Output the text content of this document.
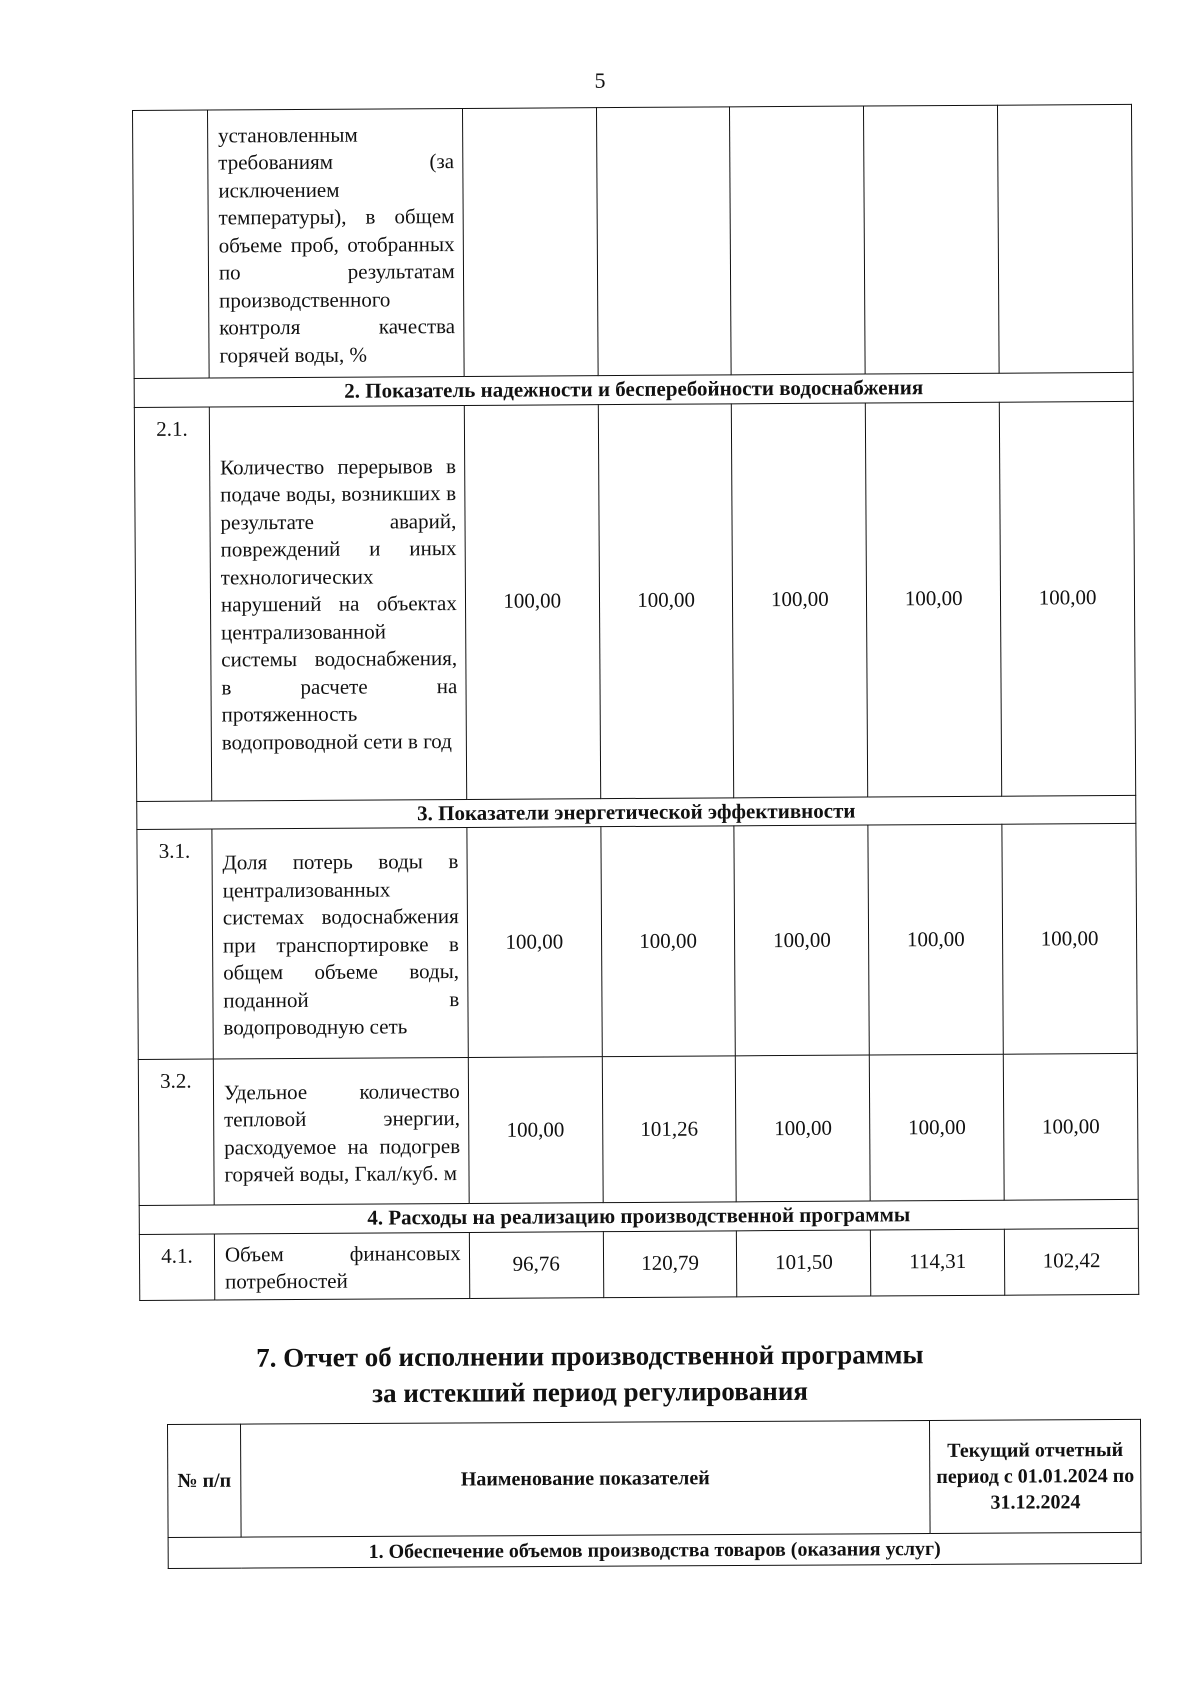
5
	установленным требованиям (за исключением температуры), в общем объеме проб, отобранных по результатам производственного контроля качества горячей воды, %					
2. Показатель надежности и бесперебойности водоснабжения						
2.1.	Количество перерывов в подаче воды, возникших в результате аварий, повреждений и иных технологических нарушений на объектах централизованной системы водоснабжения, в расчете на протяженность водопроводной сети в год	100,00	100,00	100,00	100,00	100,00
3. Показатели энергетической эффективности						
3.1.	Доля потерь воды в централизованных системах водоснабжения при транспортировке в общем объеме воды, поданной в водопроводную сеть	100,00	100,00	100,00	100,00	100,00
3.2.	Удельное количество тепловой энергии, расходуемое на подогрев горячей воды, Гкал/куб. м	100,00	101,26	100,00	100,00	100,00
4. Расходы на реализацию производственной программы						
4.1.	Объем финансовых потребностей	96,76	120,79	101,50	114,31	102,42
7. Отчет об исполнении производственной программы
за истекший период регулирования
№ п/п	Наименование показателей	Текущий отчетный период с 01.01.2024 по 31.12.2024
1. Обеспечение объемов производства товаров (оказания услуг)
